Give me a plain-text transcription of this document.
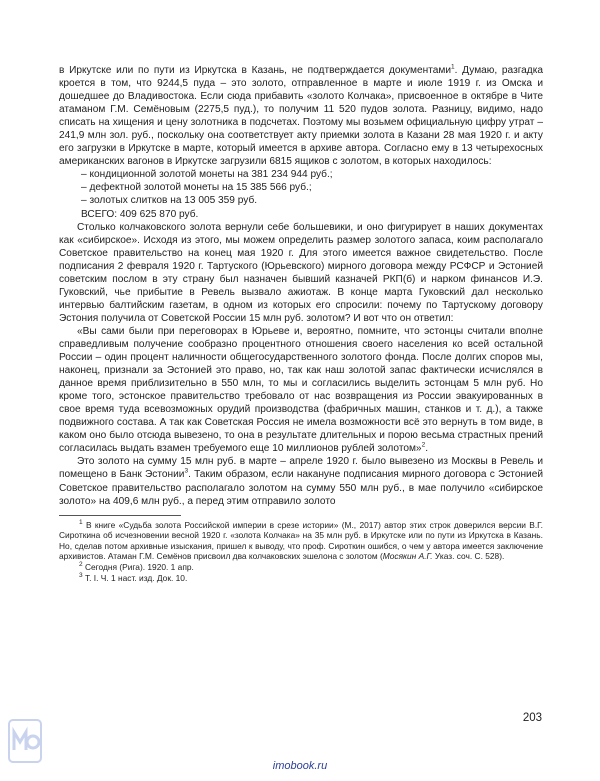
в Иркутске или по пути из Иркутска в Казань, не подтверждается документами$^1$. Думаю, разгадка кроется в том, что 9244,5 пуда – это золото, отправленное в марте и июле 1919 г. из Омска и дошедшее до Владивостока. Если сюда прибавить «золото Колчака», присвоенное в октябре в Чите атаманом Г.М. Семёновым (2275,5 пуд.), то получим 11 520 пудов золота. Разницу, видимо, надо списать на хищения и цену золотника в подсчетах. Поэтому мы возьмем официальную цифру утрат – 241,9 млн зол. руб., поскольку она соответствует акту приемки золота в Казани 28 мая 1920 г. и акту его загрузки в Иркутске в марте, который имеется в архиве автора. Согласно ему в 13 четырехосных американских вагонов в Иркутске загрузили 6815 ящиков с золотом, в которых находилось:

– кондиционной золотой монеты на 381 234 944 руб.;
– дефектной золотой монеты на 15 385 566 руб.;
– золотых слитков на 13 005 359 руб.
ВСЕГО: 409 625 870 руб.

Столько колчаковского золота вернули себе большевики, и оно фигурирует в наших документах как «сибирское». Исходя из этого, мы можем определить размер золотого запаса, коим располагало Советское правительство на конец мая 1920 г. Для этого имеется важное свидетельство. После подписания 2 февраля 1920 г. Тартуского (Юрьевского) мирного договора между РСФСР и Эстонией советским послом в эту страну был назначен бывший казначей РКП(б) и нарком финансов И.Э. Гуковский, чье прибытие в Ревель вызвало ажиотаж. В конце марта Гуковский дал несколько интервью балтийским газетам, в одном из которых его спросили: почему по Тартускому договору Эстония получила от Советской России 15 млн руб. золотом? И вот что он ответил:

«Вы сами были при переговорах в Юрьеве и, вероятно, помните, что эстонцы считали вполне справедливым получение сообразно процентного отношения своего населения ко всей остальной России – один процент наличности общегосударственного золотого фонда. После долгих споров мы, наконец, признали за Эстонией это право, но, так как наш золотой запас фактически исчислялся в данное время приблизительно в 550 млн, то мы и согласились выделить эстонцам 5 млн руб. Но кроме того, эстонское правительство требовало от нас возвращения из России эвакуированных в свое время туда всевозможных орудий производства (фабричных машин, станков и т. д.), а также подвижного состава. А так как Советская Россия не имела возможности всё это вернуть в том виде, в каком оно было отсюда вывезено, то она в результате длительных и порою весьма страстных прений согласилась выдать взамен требуемого еще 10 миллионов рублей золотом»$^2$.

Это золото на сумму 15 млн руб. в марте – апреле 1920 г. было вывезено из Москвы в Ревель и помещено в Банк Эстонии$^3$. Таким образом, если накануне подписания мирного договора с Эстонией Советское правительство располагало золотом на сумму 550 млн руб., в мае получило «сибирское золото» на 409,6 млн руб., а перед этим отправило золото

$^1$ В книге «Судьба золота Российской империи в срезе истории» (М., 2017) автор этих строк доверился версии В.Г. Сироткина об исчезновении весной 1920 г. «золота Колчака» на 35 млн руб. в Иркутске или по пути из Иркутска в Казань. Но, сделав потом архивные изыскания, пришел к выводу, что проф. Сироткин ошибся, о чем у автора имеется заключение архивистов. Атаман Г.М. Семёнов присвоил два колчаковских эшелона с золотом (Мосякин А.Г. Указ. соч. С. 528).

$^2$ Сегодня (Рига). 1920. 1 апр.

$^3$ Т. I. Ч. 1 наст. изд. Док. 10.

203
imobook.ru
